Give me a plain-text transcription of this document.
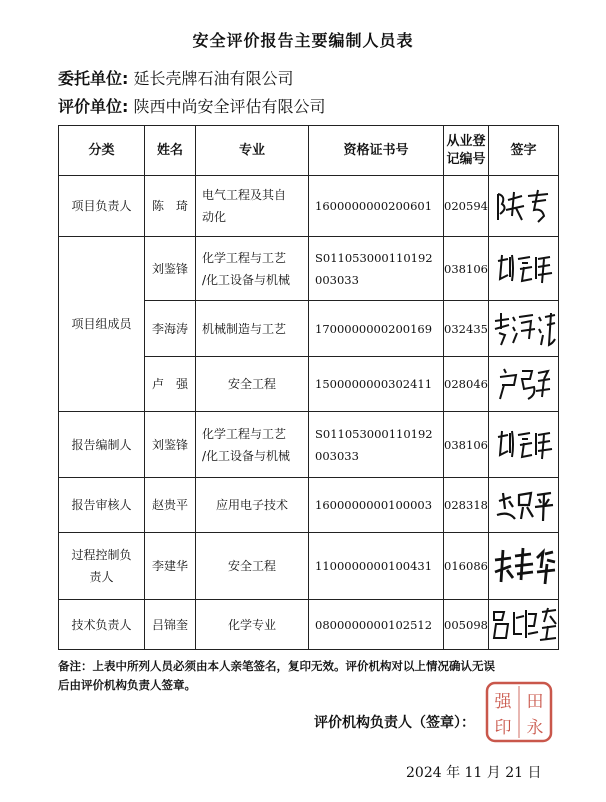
安全评价报告主要编制人员表
委托单位: 延长壳牌石油有限公司
评价单位: 陕西中尚安全评估有限公司
分类	姓名	专业	资格证书号	从业登
记编号	签字
项目负责人	陈　琦	电气工程及其自
动化	1600000000200601	020594	

项目组成员	刘鉴锋	化学工程与工艺
/化工设备与机械	S011053000110192
003033	038106	

	李海涛	机械制造与工艺	1700000000200169	032435	

	卢　强	安全工程	1500000000302411	028046	

报告编制人	刘鉴锋	化学工程与工艺
/化工设备与机械	S011053000110192
003033	038106	

报告审核人	赵贵平	应用电子技术	1600000000100003	028318	

过程控制负
责人	李建华	安全工程	1100000000100431	016086	

技术负责人	吕锦奎	化学专业	0800000000102512	005098	
备注：上表中所列人员必须由本人亲笔签名，复印无效。评价机构对以上情况确认无误
后由评价机构负责人签章。
评价机构负责人（签章）：
强 田
印 永
2024 年 11 月 21 日
